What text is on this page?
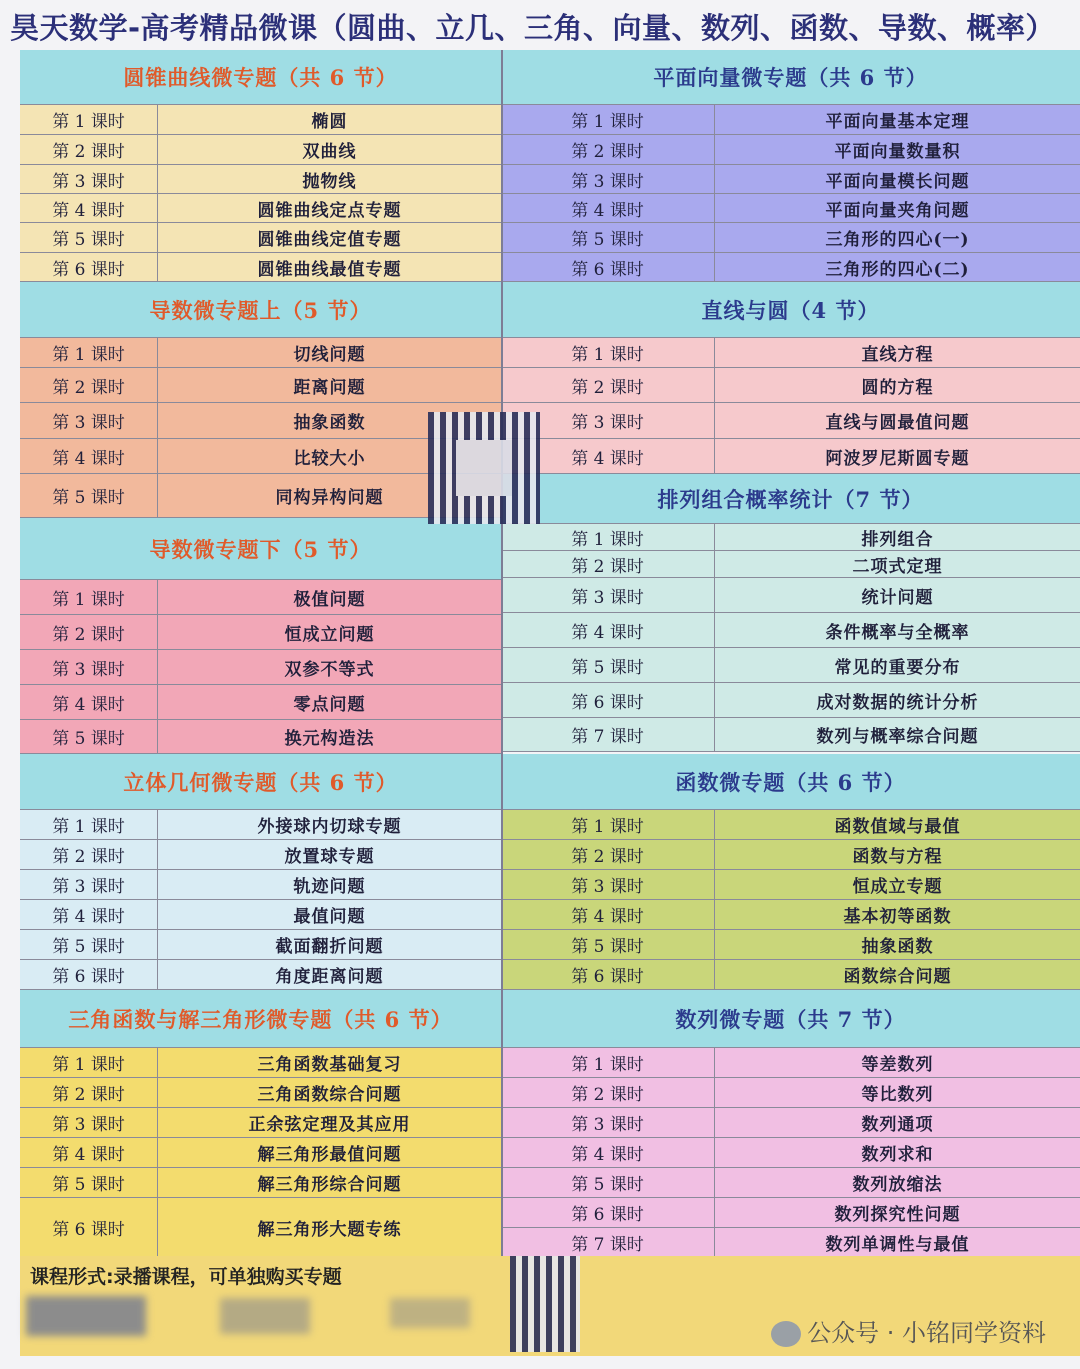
昊天数学-高考精品微课（圆曲、立几、三角、向量、数列、函数、导数、概率）
圆锥曲线微专题（共 6 节）
第 1 课时	椭圆
第 2 课时	双曲线
第 3 课时	抛物线
第 4 课时	圆锥曲线定点专题
第 5 课时	圆锥曲线定值专题
第 6 课时	圆锥曲线最值专题
导数微专题上（5 节）
第 1 课时	切线问题
第 2 课时	距离问题
第 3 课时	抽象函数
第 4 课时	比较大小
第 5 课时	同构异构问题
导数微专题下（5 节）
第 1 课时	极值问题
第 2 课时	恒成立问题
第 3 课时	双参不等式
第 4 课时	零点问题
第 5 课时	换元构造法
立体几何微专题（共 6 节）
第 1 课时	外接球内切球专题
第 2 课时	放置球专题
第 3 课时	轨迹问题
第 4 课时	最值问题
第 5 课时	截面翻折问题
第 6 课时	角度距离问题
三角函数与解三角形微专题（共 6 节）
第 1 课时	三角函数基础复习
第 2 课时	三角函数综合问题
第 3 课时	正余弦定理及其应用
第 4 课时	解三角形最值问题
第 5 课时	解三角形综合问题
第 6 课时	解三角形大题专练
平面向量微专题（共 6 节）
第 1 课时	平面向量基本定理
第 2 课时	平面向量数量积
第 3 课时	平面向量模长问题
第 4 课时	平面向量夹角问题
第 5 课时	三角形的四心(一)
第 6 课时	三角形的四心(二)
直线与圆（4 节）
第 1 课时	直线方程
第 2 课时	圆的方程
第 3 课时	直线与圆最值问题
第 4 课时	阿波罗尼斯圆专题
排列组合概率统计（7 节）
第 1 课时	排列组合
第 2 课时	二项式定理
第 3 课时	统计问题
第 4 课时	条件概率与全概率
第 5 课时	常见的重要分布
第 6 课时	成对数据的统计分析
第 7 课时	数列与概率综合问题
函数微专题（共 6 节）
第 1 课时	函数值域与最值
第 2 课时	函数与方程
第 3 课时	恒成立专题
第 4 课时	基本初等函数
第 5 课时	抽象函数
第 6 课时	函数综合问题
数列微专题（共 7 节）
第 1 课时	等差数列
第 2 课时	等比数列
第 3 课时	数列通项
第 4 课时	数列求和
第 5 课时	数列放缩法
第 6 课时	数列探究性问题
第 7 课时	数列单调性与最值
课程形式:录播课程，可单独购买专题
公众号 · 小铭同学资料
